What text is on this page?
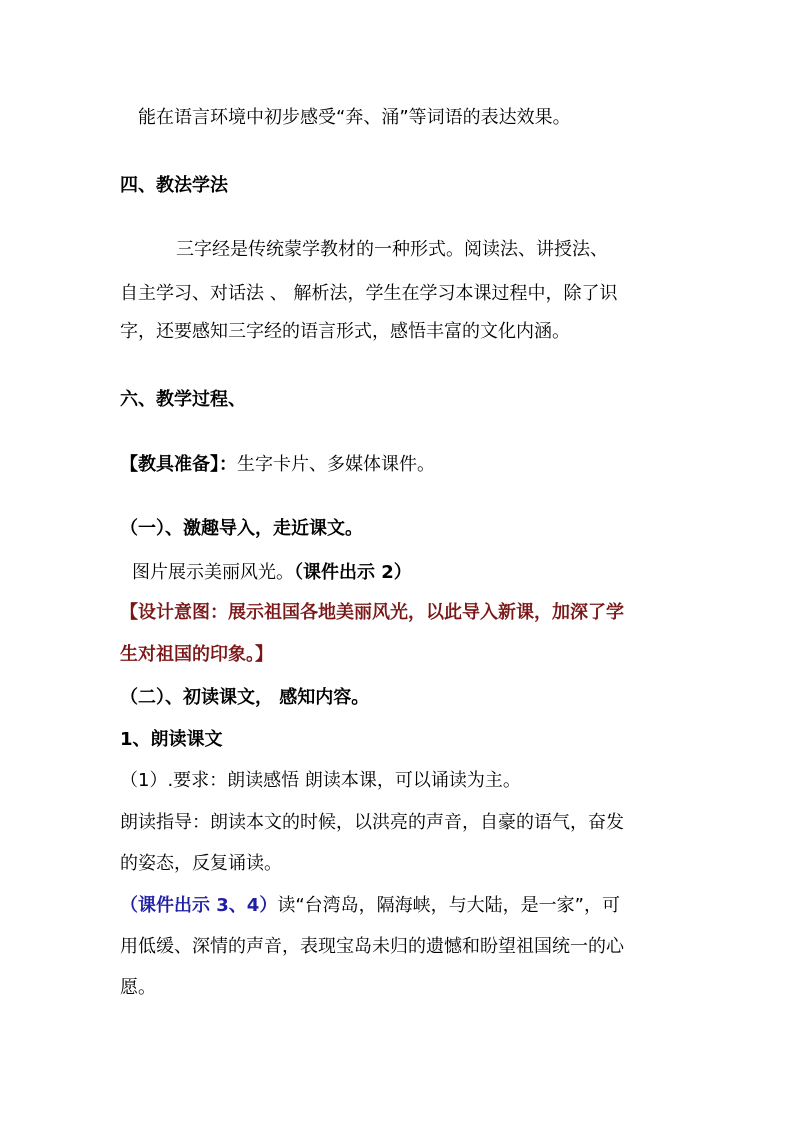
能在语言环境中初步感受“奔、涌”等词语的表达效果。
四、教法学法
三字经是传统蒙学教材的一种形式。阅读法、讲授法、
自主学习、对话法 、 解析法，学生在学习本课过程中，除了识
字，还要感知三字经的语言形式，感悟丰富的文化内涵。
六、教学过程、
【教具准备】：生字卡片、多媒体课件。
（一）、激趣导入，走近课文。
图片展示美丽风光。（课件出示 2）
【设计意图：展示祖国各地美丽风光，以此导入新课，加深了学
生对祖国的印象。】
（二）、初读课文， 感知内容。
1、朗读课文
（1）.要求：朗读感悟 朗读本课，可以诵读为主。
朗读指导：朗读本文的时候，以洪亮的声音，自豪的语气，奋发
的姿态，反复诵读。
（课件出示 3、4）读“台湾岛，隔海峡，与大陆，是一家”，可
用低缓、深情的声音，表现宝岛未归的遗憾和盼望祖国统一的心
愿。
